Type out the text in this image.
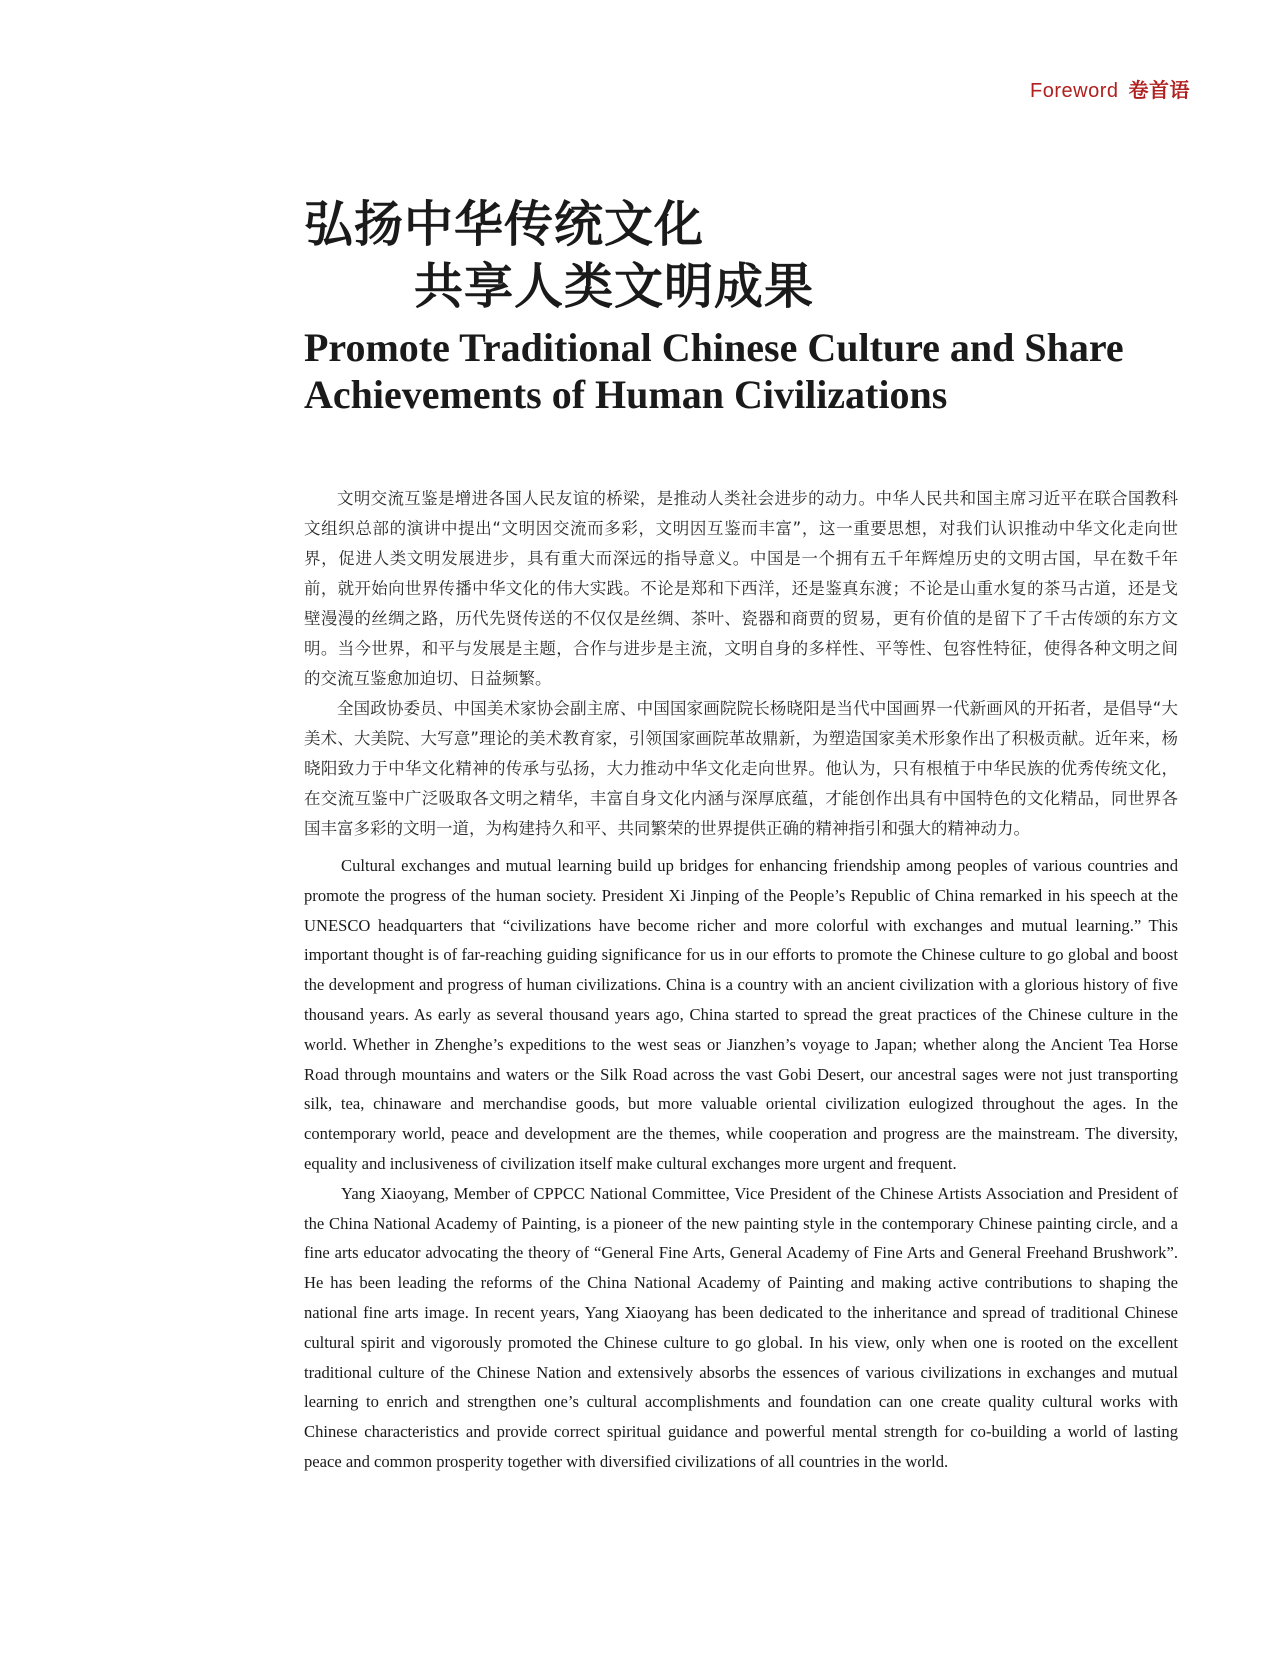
Foreword 卷首语
弘扬中华传统文化
共享人类文明成果
Promote Traditional Chinese Culture and Share Achievements of Human Civilizations

文明交流互鉴是增进各国人民友谊的桥梁，是推动人类社会进步的动力。中华人民共和国主席习近平在联合国教科文组织总部的演讲中提出“文明因交流而多彩，文明因互鉴而丰富”，这一重要思想，对我们认识推动中华文化走向世界，促进人类文明发展进步，具有重大而深远的指导意义。中国是一个拥有五千年辉煌历史的文明古国，早在数千年前，就开始向世界传播中华文化的伟大实践。不论是郑和下西洋，还是鉴真东渡；不论是山重水复的茶马古道，还是戈壁漫漫的丝绸之路，历代先贤传送的不仅仅是丝绸、茶叶、瓷器和商贾的贸易，更有价值的是留下了千古传颂的东方文明。当今世界，和平与发展是主题，合作与进步是主流，文明自身的多样性、平等性、包容性特征，使得各种文明之间的交流互鉴愈加迫切、日益频繁。

全国政协委员、中国美术家协会副主席、中国国家画院院长杨晓阳是当代中国画界一代新画风的开拓者，是倡导“大美术、大美院、大写意”理论的美术教育家，引领国家画院革故鼎新，为塑造国家美术形象作出了积极贡献。近年来，杨晓阳致力于中华文化精神的传承与弘扬，大力推动中华文化走向世界。他认为，只有根植于中华民族的优秀传统文化，在交流互鉴中广泛吸取各文明之精华，丰富自身文化内涵与深厚底蕴，才能创作出具有中国特色的文化精品，同世界各国丰富多彩的文明一道，为构建持久和平、共同繁荣的世界提供正确的精神指引和强大的精神动力。

Cultural exchanges and mutual learning build up bridges for enhancing friendship among peoples of various countries and promote the progress of the human society. President Xi Jinping of the People’s Republic of China remarked in his speech at the UNESCO headquarters that “civilizations have become richer and more colorful with exchanges and mutual learning.” This important thought is of far-reaching guiding significance for us in our efforts to promote the Chinese culture to go global and boost the development and progress of human civilizations. China is a country with an ancient civilization with a glorious history of five thousand years. As early as several thousand years ago, China started to spread the great practices of the Chinese culture in the world. Whether in Zhenghe’s expeditions to the west seas or Jianzhen’s voyage to Japan; whether along the Ancient Tea Horse Road through mountains and waters or the Silk Road across the vast Gobi Desert, our ancestral sages were not just transporting silk, tea, chinaware and merchandise goods, but more valuable oriental civilization eulogized throughout the ages. In the contemporary world, peace and development are the themes, while cooperation and progress are the mainstream. The diversity, equality and inclusiveness of civilization itself make cultural exchanges more urgent and frequent.

Yang Xiaoyang, Member of CPPCC National Committee, Vice President of the Chinese Artists Association and President of the China National Academy of Painting, is a pioneer of the new painting style in the contemporary Chinese painting circle, and a fine arts educator advocating the theory of “General Fine Arts, General Academy of Fine Arts and General Freehand Brushwork”. He has been leading the reforms of the China National Academy of Painting and making active contributions to shaping the national fine arts image. In recent years, Yang Xiaoyang has been dedicated to the inheritance and spread of traditional Chinese cultural spirit and vigorously promoted the Chinese culture to go global. In his view, only when one is rooted on the excellent traditional culture of the Chinese Nation and extensively absorbs the essences of various civilizations in exchanges and mutual learning to enrich and strengthen one’s cultural accomplishments and foundation can one create quality cultural works with Chinese characteristics and provide correct spiritual guidance and powerful mental strength for co-building a world of lasting peace and common prosperity together with diversified civilizations of all countries in the world.
